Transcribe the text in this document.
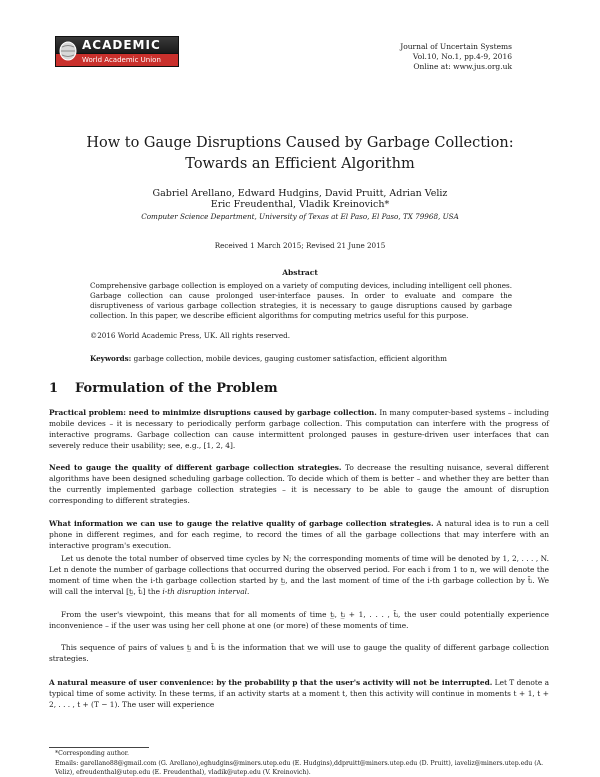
ACADEMIC
World Academic Union
Journal of Uncertain Systems
Vol.10, No.1, pp.4-9, 2016
Online at: www.jus.org.uk
How to Gauge Disruptions Caused by Garbage Collection:
Towards an Efficient Algorithm
Gabriel Arellano, Edward Hudgins, David Pruitt, Adrian Veliz
Eric Freudenthal, Vladik Kreinovich*
Computer Science Department, University of Texas at El Paso, El Paso, TX 79968, USA
Received 1 March 2015; Revised 21 June 2015
Abstract

Comprehensive garbage collection is employed on a variety of computing devices, including intelligent cell phones. Garbage collection can cause prolonged user-interface pauses. In order to evaluate and compare the disruptiveness of various garbage collection strategies, it is necessary to gauge disruptions caused by garbage collection. In this paper, we describe efficient algorithms for computing metrics useful for this purpose.

©2016 World Academic Press, UK. All rights reserved.
Keywords: garbage collection, mobile devices, gauging customer satisfaction, efficient algorithm
1 Formulation of the Problem

Practical problem: need to minimize disruptions caused by garbage collection. In many computer-based systems – including mobile devices – it is necessary to periodically perform garbage collection. This computation can interfere with the progress of interactive programs. Garbage collection can cause intermittent prolonged pauses in gesture-driven user interfaces that can severely reduce their usability; see, e.g., [1, 2, 4].

Need to gauge the quality of different garbage collection strategies. To decrease the resulting nuisance, several different algorithms have been designed scheduling garbage collection. To decide which of them is better – and whether they are better than the currently implemented garbage collection strategies – it is necessary to be able to gauge the amount of disruption corresponding to different strategies.

What information we can use to gauge the relative quality of garbage collection strategies. A natural idea is to run a cell phone in different regimes, and for each regime, to record the times of all the garbage collections that may interfere with an interactive program's execution.

Let us denote the total number of observed time cycles by N; the corresponding moments of time will be denoted by 1, 2, . . . , N. Let n denote the number of garbage collections that occurred during the observed period. For each i from 1 to n, we will denote the moment of time when the i-th garbage collection started by t̲ᵢ, and the last moment of time of the i-th garbage collection by t̄ᵢ. We will call the interval [t̲ᵢ, t̄ᵢ] the i-th disruption interval.

From the user's viewpoint, this means that for all moments of time t̲ᵢ, t̲ᵢ + 1, . . . , t̄ᵢ, the user could potentially experience inconvenience – if the user was using her cell phone at one (or more) of these moments of time.

This sequence of pairs of values t̲ᵢ and t̄ᵢ is the information that we will use to gauge the quality of different garbage collection strategies.

A natural measure of user convenience: by the probability p that the user's activity will not be interrupted. Let T denote a typical time of some activity. In these terms, if an activity starts at a moment t, then this activity will continue in moments t + 1, t + 2, . . . , t + (T − 1). The user will experience

*Corresponding author.
Emails: garellano88@gmail.com (G. Arellano),eghudgins@miners.utep.edu (E. Hudgins),ddpruitt@miners.utep.edu (D. Pruitt), iaveliz@miners.utep.edu (A. Veliz), efreudenthal@utep.edu (E. Freudenthal), vladik@utep.edu (V. Kreinovich).
